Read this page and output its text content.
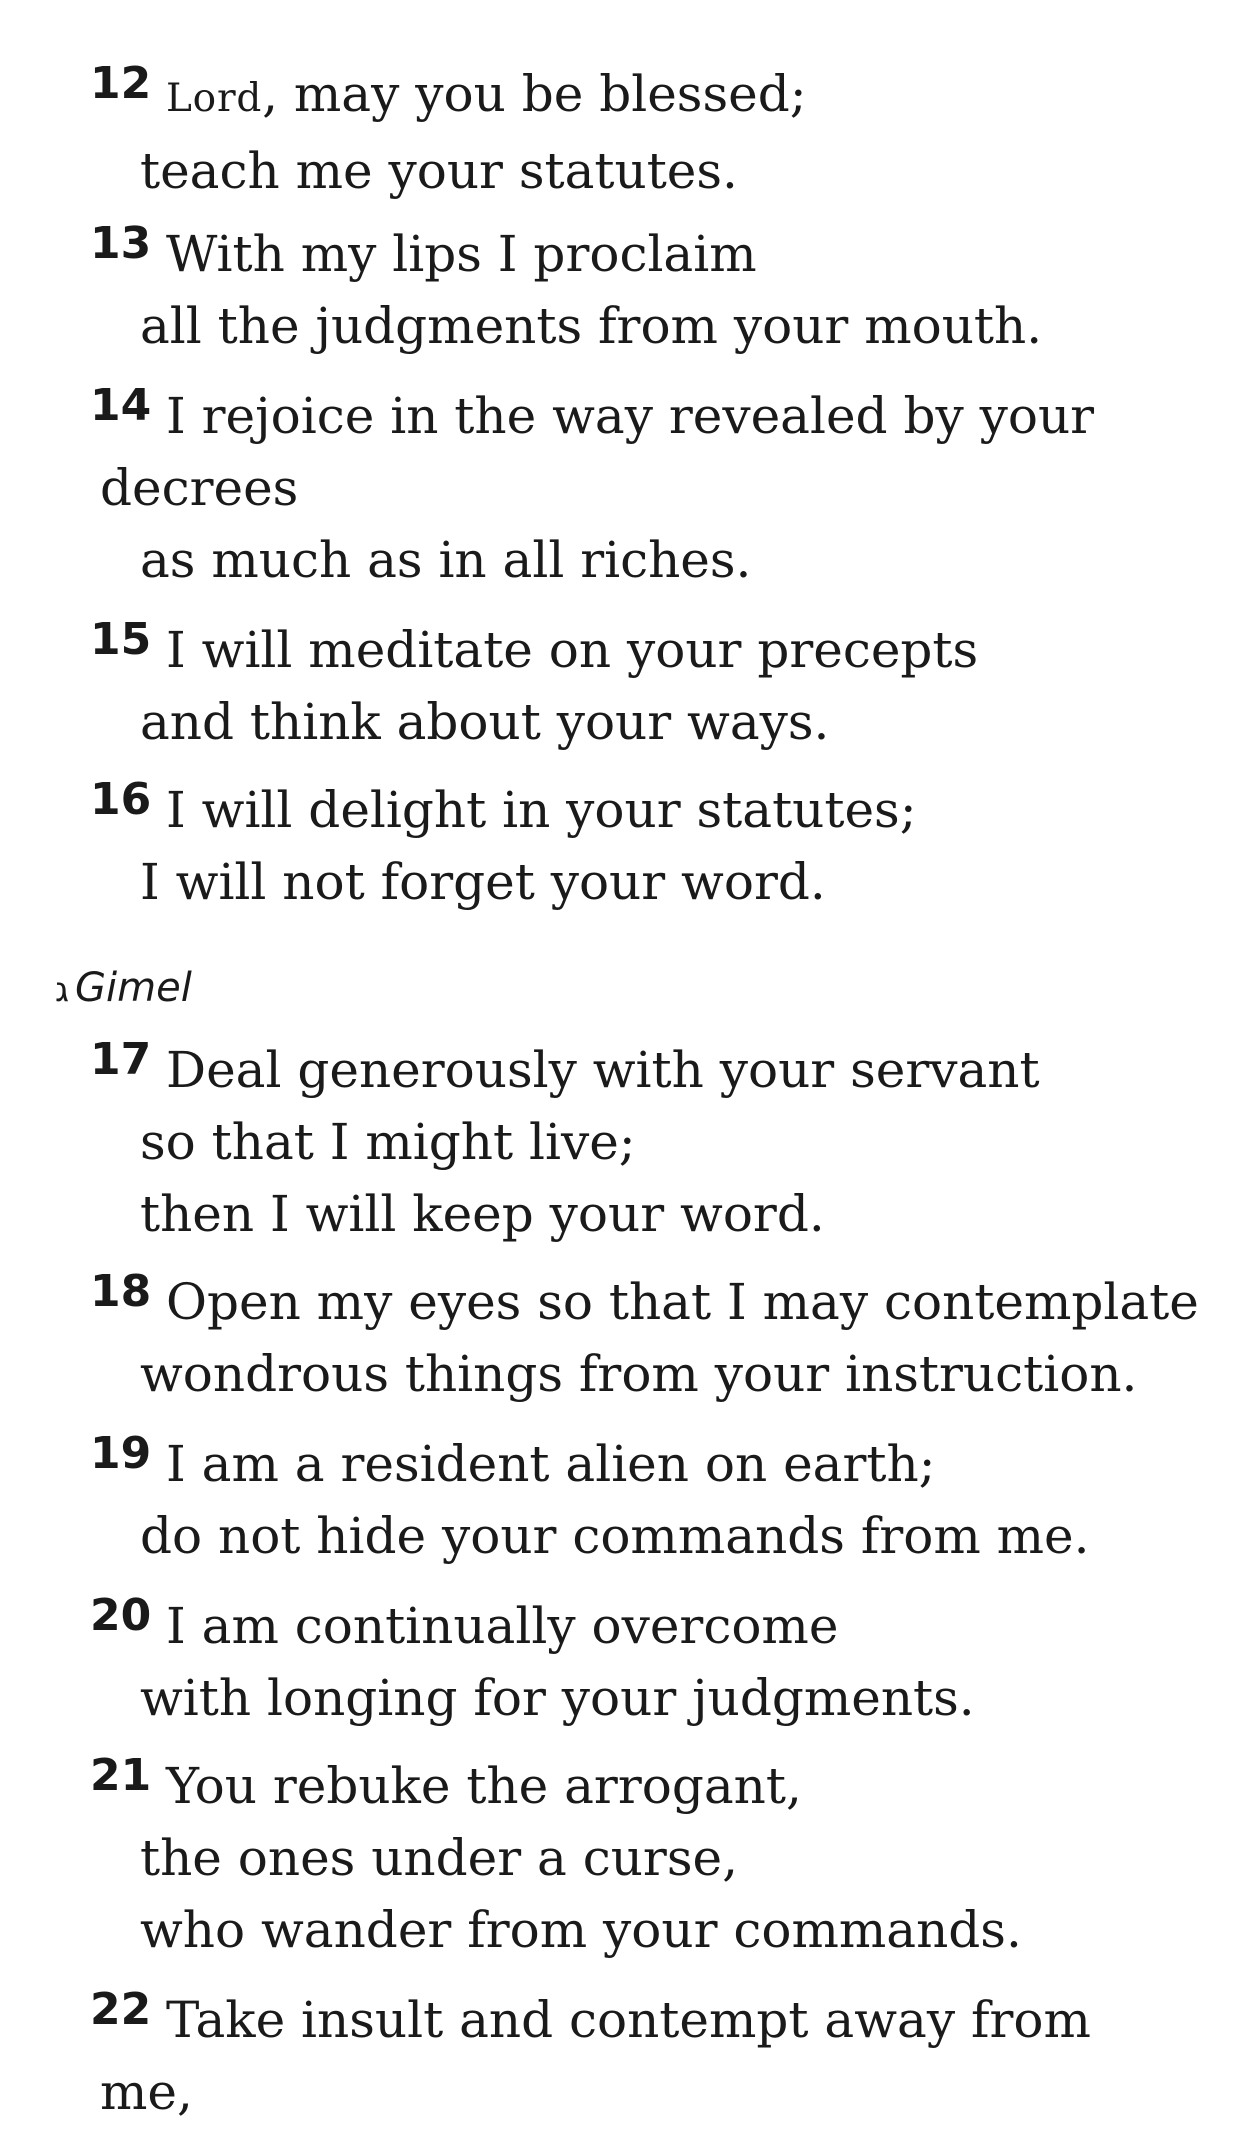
12 Lord, may you be blessed;
teach me your statutes.
13 With my lips I proclaim
all the judgments from your mouth.
14 I rejoice in the way revealed by your
decrees
as much as in all riches.
15 I will meditate on your precepts
and think about your ways.
16 I will delight in your statutes;
I will not forget your word.
ג Gimel
17 Deal generously with your servant
so that I might live;
then I will keep your word.
18 Open my eyes so that I may contemplate
wondrous things from your instruction.
19 I am a resident alien on earth;
do not hide your commands from me.
20 I am continually overcome
with longing for your judgments.
21 You rebuke the arrogant,
the ones under a curse,
who wander from your commands.
22 Take insult and contempt away from
me,
